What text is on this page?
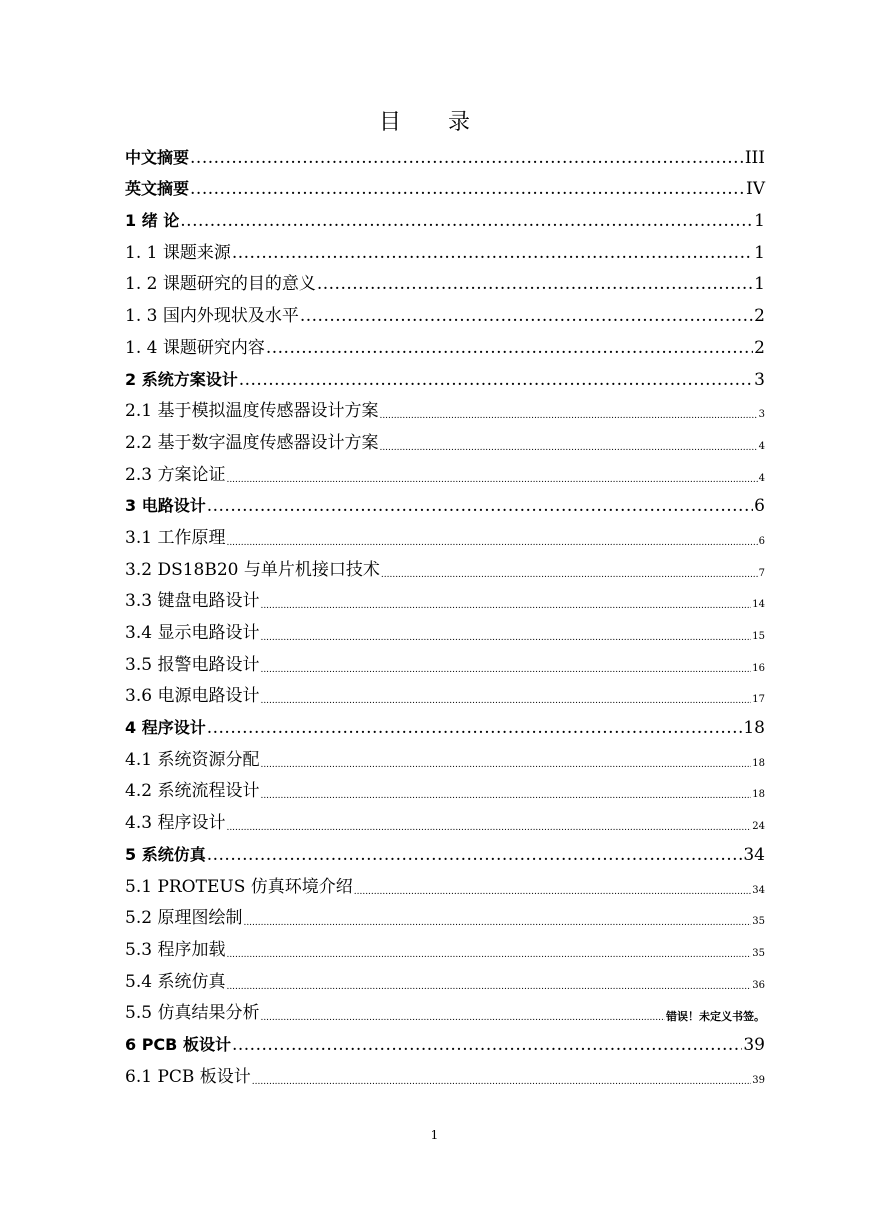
目 录
中文摘要 .....	III
英文摘要 .....	IV
1 绪 论 .....	1
1. 1 课题来源 .....	1
1. 2 课题研究的目的意义 .....	1
1. 3 国内外现状及水平 .....	2
1. 4 课题研究内容 .....	2
2 系统方案设计 .....	3
2.1 基于模拟温度传感器设计方案 .....	3
2.2 基于数字温度传感器设计方案 .....	4
2.3 方案论证 .....	4
3 电路设计 .....	6
3.1 工作原理 .....	6
3.2 DS18B20 与单片机接口技术 .....	7
3.3 键盘电路设计 .....	14
3.4 显示电路设计 .....	15
3.5 报警电路设计 .....	16
3.6 电源电路设计 .....	17
4 程序设计 .....	18
4.1 系统资源分配 .....	18
4.2 系统流程设计 .....	18
4.3 程序设计 .....	24
5 系统仿真 .....	34
5.1 PROTEUS 仿真环境介绍 .....	34
5.2 原理图绘制 .....	35
5.3 程序加载 .....	35
5.4 系统仿真 .....	36
5.5 仿真结果分析 .....	错误！未定义书签。
6 PCB 板设计 .....	39
6.1 PCB 板设计 .....	39
1
